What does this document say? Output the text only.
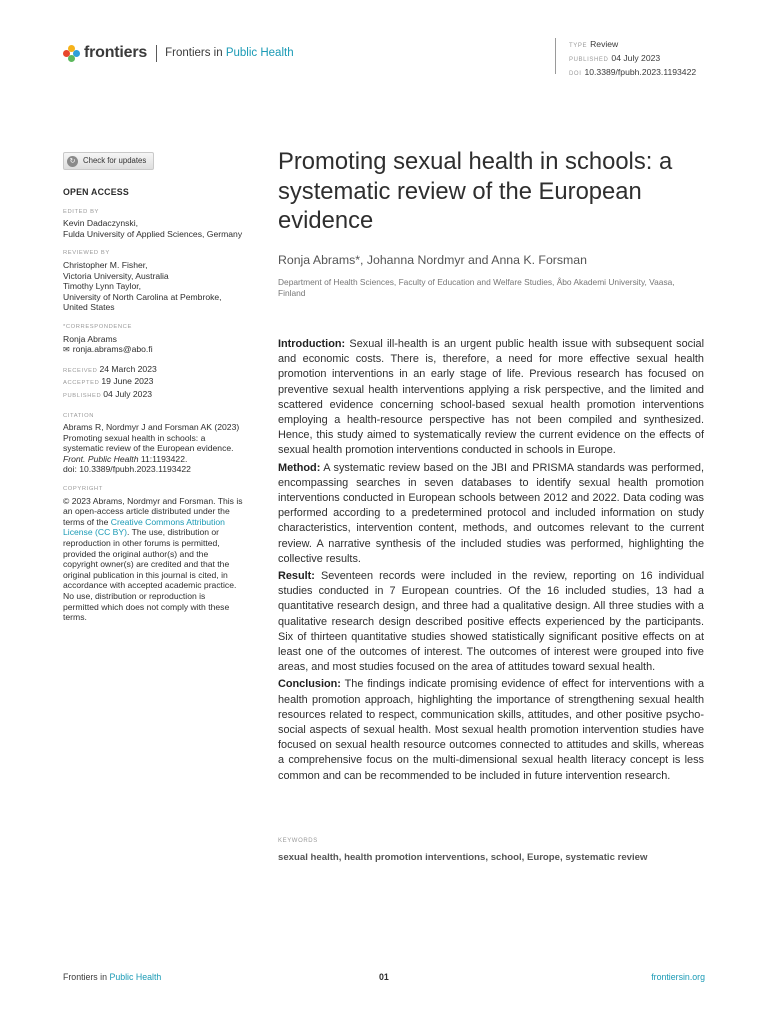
frontiers Frontiers in Public Health
TYPE Review
PUBLISHED 04 July 2023
DOI 10.3389/fpubh.2023.1193422
↻ Check for updates
OPEN ACCESS
EDITED BY
Kevin Dadaczynski,
Fulda University of Applied Sciences, Germany
REVIEWED BY
Christopher M. Fisher,
Victoria University, Australia
Timothy Lynn Taylor,
University of North Carolina at Pembroke,
United States
*CORRESPONDENCE
Ronja Abrams
✉ ronja.abrams@abo.fi
RECEIVED 24 March 2023
ACCEPTED 19 June 2023
PUBLISHED 04 July 2023
CITATION
Abrams R, Nordmyr J and Forsman AK (2023)
Promoting sexual health in schools: a
systematic review of the European evidence.
Front. Public Health 11:1193422.
doi: 10.3389/fpubh.2023.1193422
COPYRIGHT
© 2023 Abrams, Nordmyr and Forsman. This is
an open-access article distributed under the
terms of the Creative Commons Attribution
License (CC BY). The use, distribution or
reproduction in other forums is permitted,
provided the original author(s) and the
copyright owner(s) are credited and that the
original publication in this journal is cited, in
accordance with accepted academic practice.
No use, distribution or reproduction is
permitted which does not comply with these
terms.
Promoting sexual health in schools: a systematic review of the European evidence
Ronja Abrams*, Johanna Nordmyr and Anna K. Forsman
Department of Health Sciences, Faculty of Education and Welfare Studies, Åbo Akademi University, Vaasa, Finland

Introduction: Sexual ill-health is an urgent public health issue with subsequent social and economic costs. There is, therefore, a need for more effective sexual health promotion interventions in an early stage of life. Previous research has focused on preventive sexual health interventions applying a risk perspective, and the limited and scattered evidence concerning school-based sexual health promotion interventions employing a health-resource perspective has not been compiled and synthesized. Hence, this study aimed to systematically review the current evidence on the effects of sexual health promotion interventions conducted in schools in Europe.

Method: A systematic review based on the JBI and PRISMA standards was performed, encompassing searches in seven databases to identify sexual health promotion interventions conducted in European schools between 2012 and 2022. Data coding was performed according to a predetermined protocol and included information on study characteristics, intervention content, methods, and outcomes relevant to the current review. A narrative synthesis of the included studies was performed, highlighting the collective results.

Result: Seventeen records were included in the review, reporting on 16 individual studies conducted in 7 European countries. Of the 16 included studies, 13 had a quantitative research design, and three had a qualitative design. All three studies with a qualitative research design described positive effects experienced by the participants. Six of thirteen quantitative studies showed statistically significant positive effects on at least one of the outcomes of interest. The outcomes of interest were grouped into five areas, and most studies focused on the area of attitudes toward sexual health.

Conclusion: The findings indicate promising evidence of effect for interventions with a health promotion approach, highlighting the importance of strengthening sexual health resources related to respect, communication skills, attitudes, and other positive psycho-social aspects of sexual health. Most sexual health promotion intervention studies have focused on sexual health resource outcomes connected to attitudes and skills, whereas a comprehensive focus on the multi-dimensional sexual health literacy concept is less common and can be recommended to be included in future intervention research.

KEYWORDS
sexual health, health promotion interventions, school, Europe, systematic review
Frontiers in Public Health	01	frontiersin.org
